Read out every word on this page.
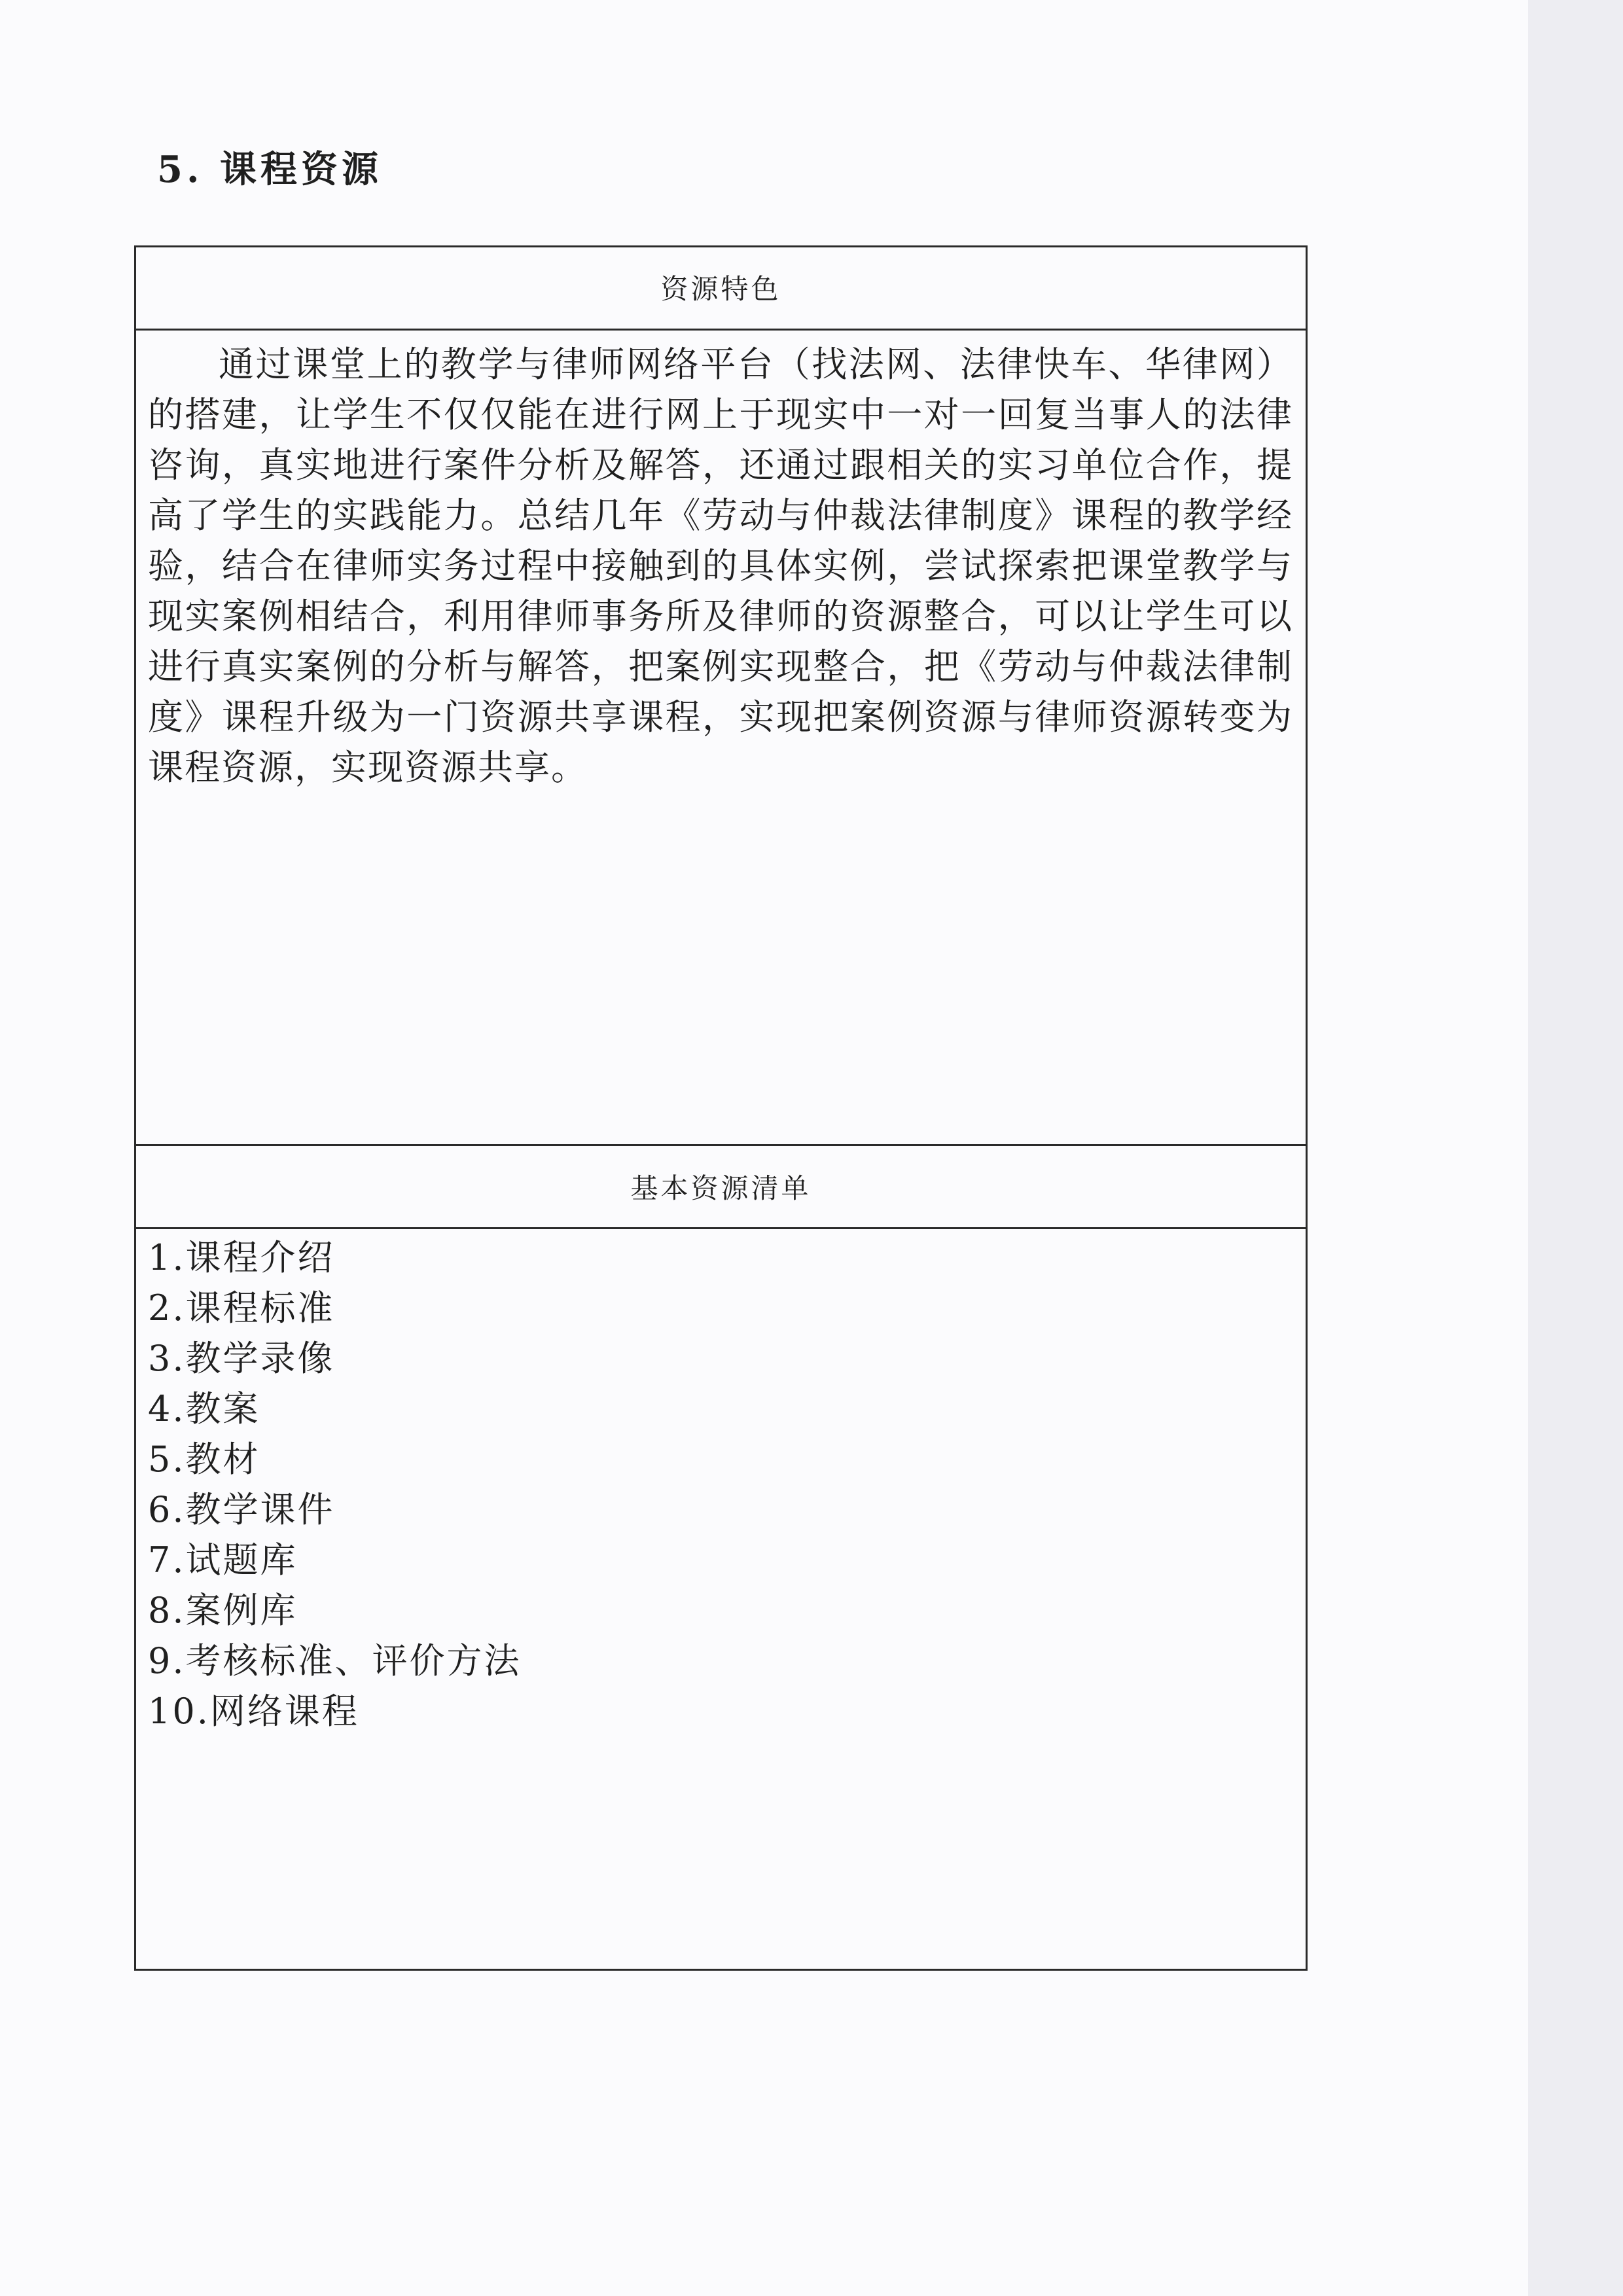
5. 课程资源
资源特色
通过课堂上的教学与律师网络平台（找法网、法律快车、华律网）的搭建，让学生不仅仅能在进行网上于现实中一对一回复当事人的法律咨询，真实地进行案件分析及解答，还通过跟相关的实习单位合作，提高了学生的实践能力。总结几年《劳动与仲裁法律制度》课程的教学经验，结合在律师实务过程中接触到的具体实例，尝试探索把课堂教学与现实案例相结合，利用律师事务所及律师的资源整合，可以让学生可以进行真实案例的分析与解答，把案例实现整合，把《劳动与仲裁法律制度》课程升级为一门资源共享课程，实现把案例资源与律师资源转变为课程资源，实现资源共享。
基本资源清单
1.课程介绍
2.课程标准
3.教学录像
4.教案
5.教材
6.教学课件
7.试题库
8.案例库
9.考核标准、评价方法
10.网络课程
